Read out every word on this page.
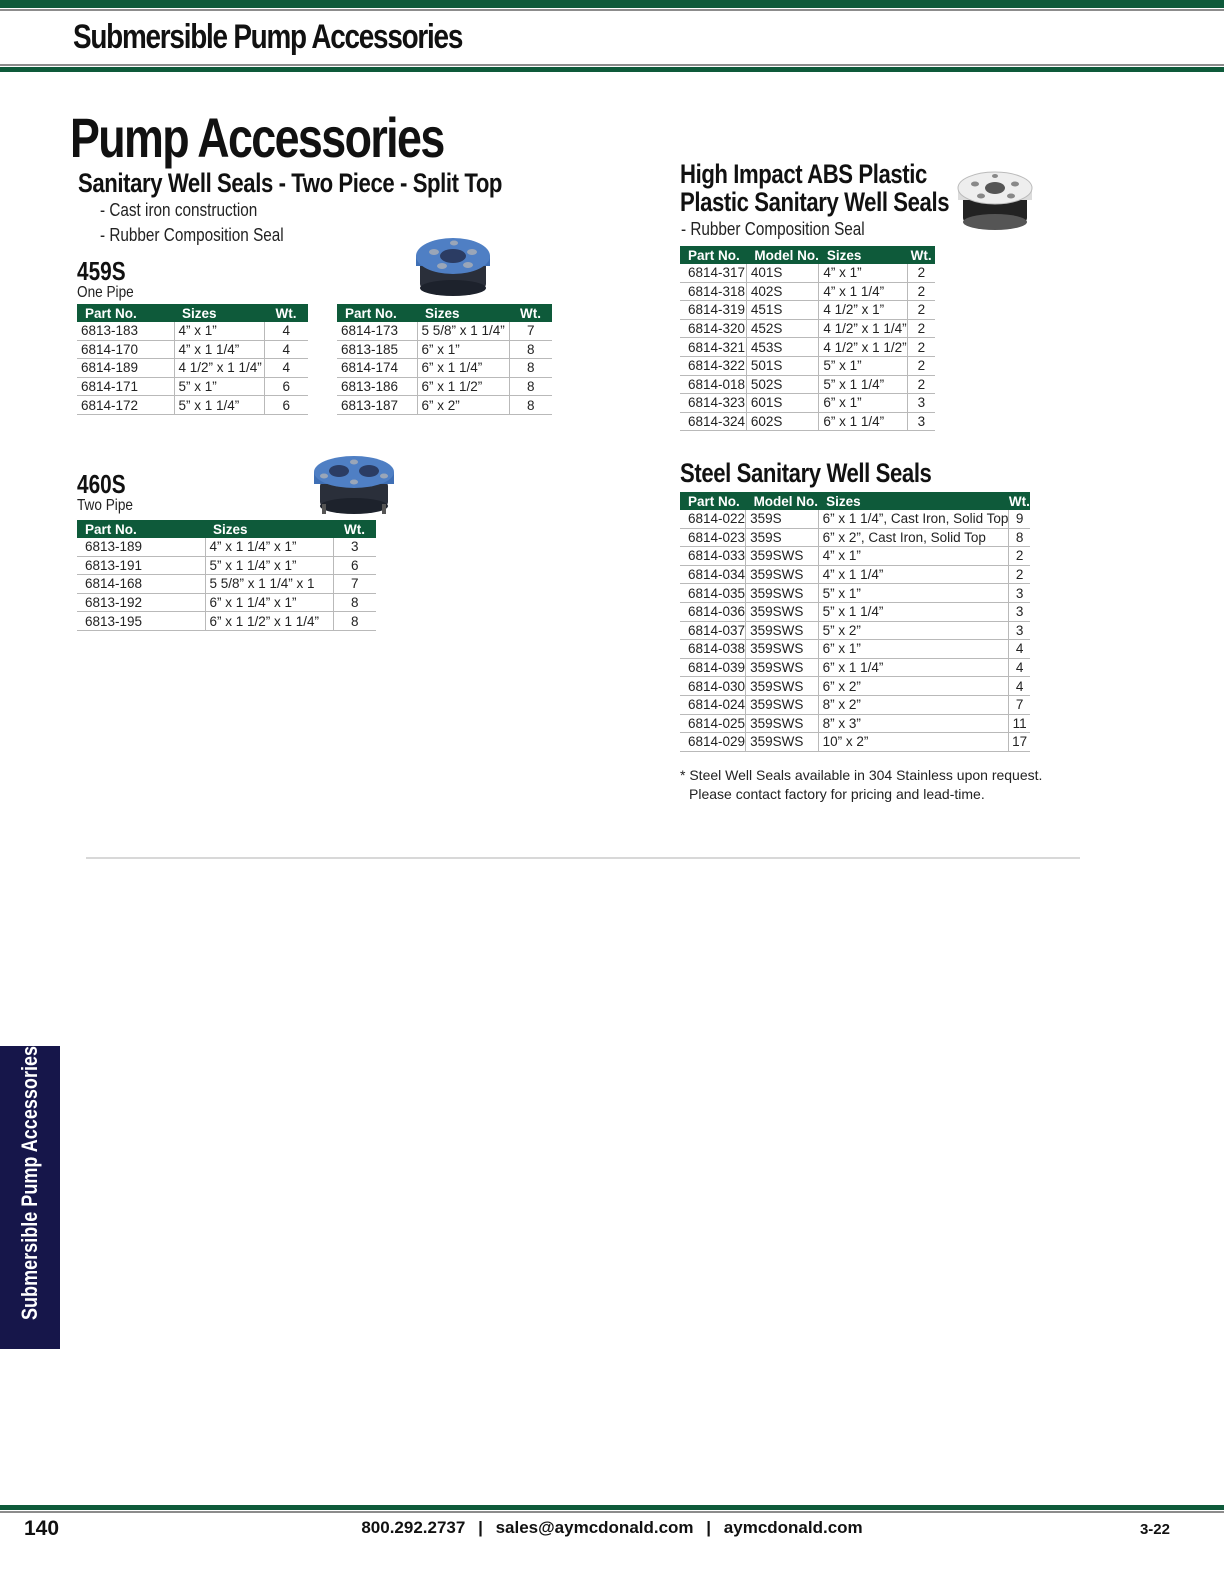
Submersible Pump Accessories
Pump Accessories
Sanitary Well Seals - Two Piece - Split Top
- Cast iron construction
- Rubber Composition Seal
459S
One Pipe
Part No.	Sizes	Wt.
6813-183	4” x 1”	4
6814-170	4” x 1 1/4”	4
6814-189	4 1/2” x 1 1/4”	4
6814-171	5” x 1”	6
6814-172	5” x 1 1/4”	6
Part No.	Sizes	Wt.
6814-173	5 5/8” x 1 1/4”	7
6813-185	6” x 1”	8
6814-174	6” x 1 1/4”	8
6813-186	6” x 1 1/2”	8
6813-187	6” x 2”	8
460S
Two Pipe
Part No.	Sizes	Wt.
6813-189	4” x 1 1/4” x 1”	3
6813-191	5” x 1 1/4” x 1”	6
6814-168	5 5/8” x 1 1/4” x 1	7
6813-192	6” x 1 1/4” x 1”	8
6813-195	6” x 1 1/2” x 1 1/4”	8
High Impact ABS Plastic
Plastic Sanitary Well Seals
- Rubber Composition Seal
Part No.	Model No.	Sizes	Wt.
6814-317	401S	4” x 1”	2
6814-318	402S	4” x 1 1/4”	2
6814-319	451S	4 1/2” x 1”	2
6814-320	452S	4 1/2” x 1 1/4”	2
6814-321	453S	4 1/2” x 1 1/2”	2
6814-322	501S	5” x 1”	2
6814-018	502S	5” x 1 1/4”	2
6814-323	601S	6” x 1”	3
6814-324	602S	6” x 1 1/4”	3
Steel Sanitary Well Seals
Part No.	Model No.	Sizes	Wt.
6814-022	359S	6” x 1 1/4”, Cast Iron, Solid Top	9
6814-023	359S	6” x 2”, Cast Iron, Solid Top	8
6814-033	359SWS	4” x 1”	2
6814-034	359SWS	4” x 1 1/4”	2
6814-035	359SWS	5” x 1”	3
6814-036	359SWS	5” x 1 1/4”	3
6814-037	359SWS	5” x 2”	3
6814-038	359SWS	6” x 1”	4
6814-039	359SWS	6” x 1 1/4”	4
6814-030	359SWS	6” x 2”	4
6814-024	359SWS	8” x 2”	7
6814-025	359SWS	8” x 3”	11
6814-029	359SWS	10” x 2”	17
* Steel Well Seals available in 304 Stainless upon request.
Please contact factory for pricing and lead-time.
Submersible Pump Accessories
140	800.292.2737 | sales@aymcdonald.com | aymcdonald.com	3-22
